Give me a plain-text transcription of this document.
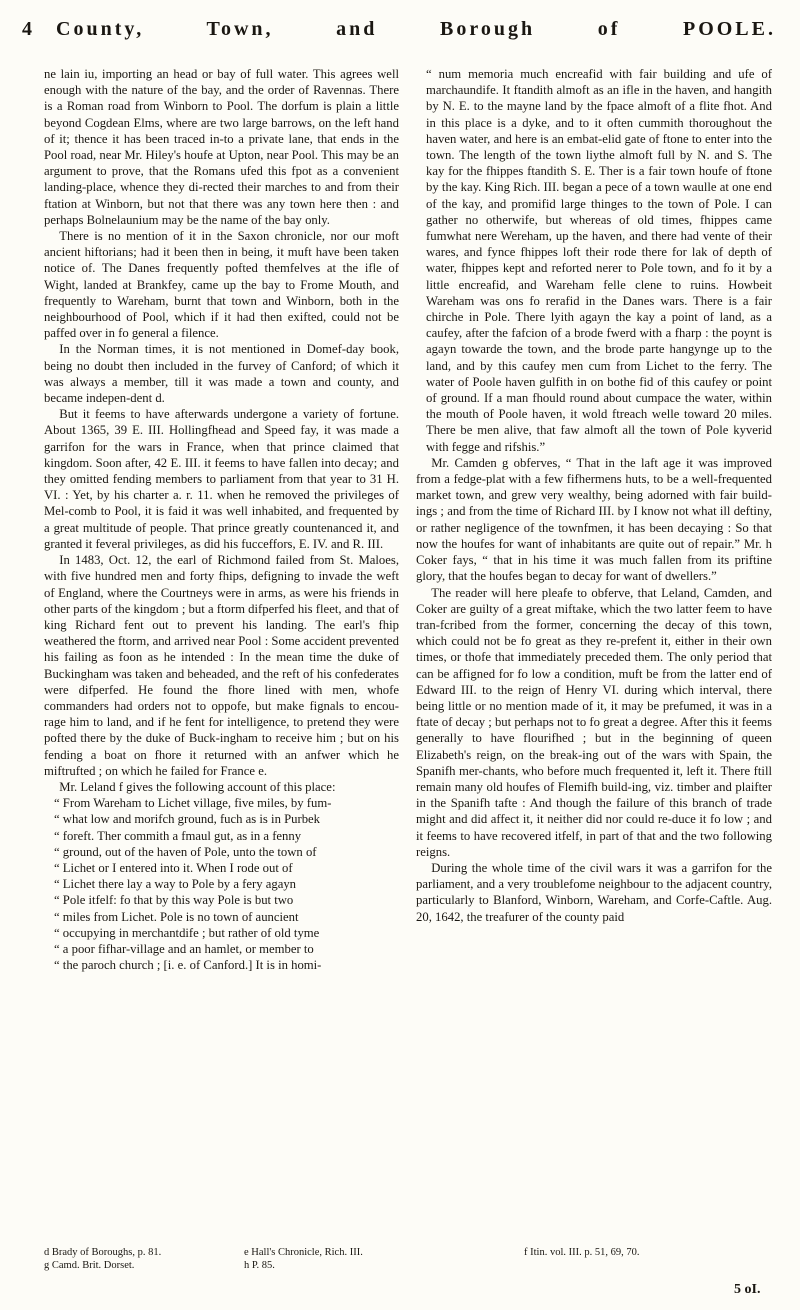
4 County, Town, and Borough of POOLE.

ne lain iu, importing an head or bay of full water. This agrees well enough with the nature of the bay, and the order of Ravennas. There is a Roman road from Winborn to Pool. The dorfum is plain a little beyond Cogdean Elms, where are two large barrows, on the left hand of it; thence it has been traced in-to a private lane, that ends in the Pool road, near Mr. Hiley's houfe at Upton, near Pool. This may be an argument to prove, that the Romans ufed this fpot as a convenient landing-place, whence they di-rected their marches to and from their ftation at Winborn, but not that there was any town here then : and perhaps Bolnelaunium may be the name of the bay only.

There is no mention of it in the Saxon chronicle, nor our moft ancient hiftorians; had it been then in being, it muft have been taken notice of. The Danes frequently pofted themfelves at the ifle of Wight, landed at Brankfey, came up the bay to Frome Mouth, and frequently to Wareham, burnt that town and Winborn, both in the neighbourhood of Pool, which if it had then exifted, could not be paffed over in fo general a filence.

In the Norman times, it is not mentioned in Domef-day book, being no doubt then included in the furvey of Canford; of which it was always a member, till it was made a town and county, and became indepen-dent d.

But it feems to have afterwards undergone a variety of fortune. About 1365, 39 E. III. Hollingfhead and Speed fay, it was made a garrifon for the wars in France, when that prince claimed that kingdom. Soon after, 42 E. III. it feems to have fallen into decay; and they omitted fending members to parliament from that year to 31 H. VI. : Yet, by his charter a. r. 11. when he removed the privileges of Mel-comb to Pool, it is faid it was well inhabited, and frequented by a great multitude of people. That prince greatly countenanced it, and granted it feveral privileges, as did his fucceffors, E. IV. and R. III.

In 1483, Oct. 12, the earl of Richmond failed from St. Maloes, with five hundred men and forty fhips, defigning to invade the weft of England, where the Courtneys were in arms, as were his friends in other parts of the kingdom ; but a ftorm difperfed his fleet, and that of king Richard fent out to prevent his landing. The earl's fhip weathered the ftorm, and arrived near Pool : Some accident prevented his failing as foon as he intended : In the mean time the duke of Buckingham was taken and beheaded, and the reft of his confederates were difperfed. He found the fhore lined with men, whofe commanders had orders not to oppofe, but make fignals to encou-rage him to land, and if he fent for intelligence, to pretend they were pofted there by the duke of Buck-ingham to receive him ; but on his fending a boat on fhore it returned with an anfwer which he miftrufted ; on which he failed for France e.

Mr. Leland f gives the following account of this place:

“ From Wareham to Lichet village, five miles, by fum-

“ what low and morifch ground, fuch as is in Purbek

“ foreft. Ther commith a fmaul gut, as in a fenny

“ ground, out of the haven of Pole, unto the town of

“ Lichet or I entered into it. When I rode out of

“ Lichet there lay a way to Pole by a fery agayn

“ Pole itfelf: fo that by this way Pole is but two

“ miles from Lichet. Pole is no town of auncient

“ occupying in merchantdife ; but rather of old tyme

“ a poor fifhar-village and an hamlet, or member to

“ the paroch church ; [i. e. of Canford.] It is in homi-

“ num memoria much encreafid with fair building and ufe of marchaundife. It ftandith almoft as an ifle in the haven, and hangith by N. E. to the mayne land by the fpace almoft of a flite fhot. And in this place is a dyke, and to it often cummith thoroughout the haven water, and here is an embat-elid gate of ftone to enter into the town. The length of the town liythe almoft full by N. and S. The kay for the fhippes ftandith S. E. Ther is a fair town houfe of ftone by the kay. King Rich. III. began a pece of a town waulle at one end of the kay, and promifid large thinges to the town of Pole. I can gather no otherwife, but whereas of old times, fhippes came fumwhat nere Wereham, up the haven, and there had vente of their wares, and fynce fhippes loft their rode there for lak of depth of water, fhippes kept and reforted nerer to Pole town, and fo it by a little encreafid, and Wareham felle clene to ruins. Howbeit Wareham was ons fo rerafid in the Danes wars. There is a fair chirche in Pole. There lyith agayn the kay a point of land, as a caufey, after the fafcion of a brode fwerd with a fharp : the poynt is agayn towarde the town, and the brode parte hangynge up to the land, and by this caufey men cum from Lichet to the ferry. The water of Poole haven gulfith in on bothe fid of this caufey or point of ground. If a man fhould round about cumpace the water, within the mouth of Poole haven, it wold ftreach welle toward 20 miles. There be men alive, that faw almoft all the town of Pole kyverid with fegge and rifshis.”

Mr. Camden g obferves, “ That in the laft age it was improved from a fedge-plat with a few fifhermens huts, to be a well-frequented market town, and grew very wealthy, being adorned with fair build-ings ; and from the time of Richard III. by I know not what ill deftiny, or rather negligence of the townfmen, it has been decaying : So that now the houfes for want of inhabitants are quite out of repair.” Mr. h Coker fays, “ that in his time it was much fallen from its priftine glory, that the houfes began to decay for want of dwellers.”

The reader will here pleafe to obferve, that Leland, Camden, and Coker are guilty of a great miftake, which the two latter feem to have tran-fcribed from the former, concerning the decay of this town, which could not be fo great as they re-prefent it, either in their own times, or thofe that immediately preceded them. The only period that can be affigned for fo low a condition, muft be from the latter end of Edward III. to the reign of Henry VI. during which interval, there being little or no mention made of it, it may be prefumed, it was in a ftate of decay ; but perhaps not to fo great a degree. After this it feems generally to have flourifhed ; but in the beginning of queen Elizabeth's reign, on the break-ing out of the wars with Spain, the Spanifh mer-chants, who before much frequented it, left it. There ftill remain many old houfes of Flemifh build-ing, viz. timber and plaifter in the Spanifh tafte : And though the failure of this branch of trade might and did affect it, it neither did nor could re-duce it fo low ; and it feems to have recovered itfelf, in part of that and the two following reigns.

During the whole time of the civil wars it was a garrifon for the parliament, and a very troublefome neighbour to the adjacent country, particularly to Blanford, Winborn, Wareham, and Corfe-Caftle. Aug. 20, 1642, the treafurer of the county paid

d Brady of Boroughs, p. 81.	e Hall's Chronicle, Rich. III.	f Itin. vol. III. p. 51, 69, 70.
g Camd. Brit. Dorset.	h P. 85.
5 oI.
